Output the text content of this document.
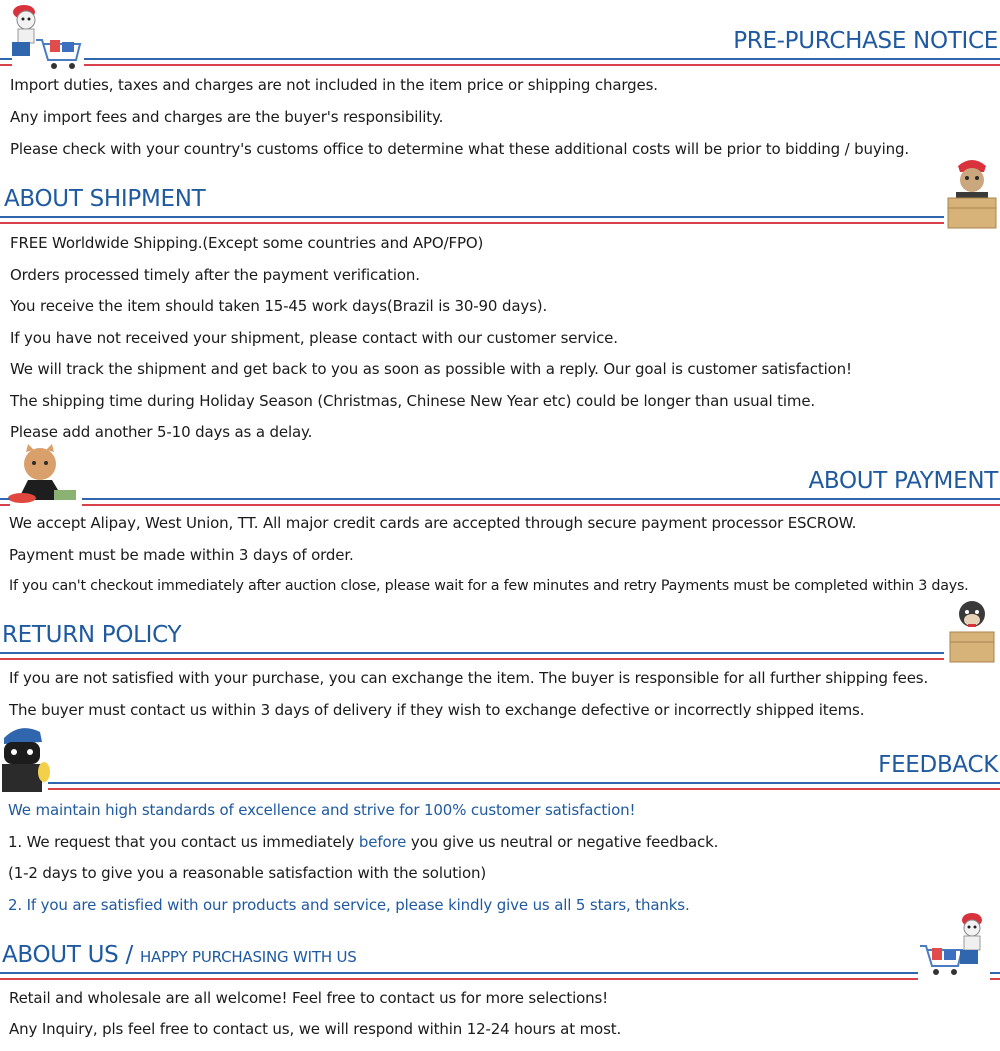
PRE-PURCHASE NOTICE
Import duties, taxes and charges are not included in the item price or shipping charges.
Any import fees and charges are the buyer's responsibility.
Please check with your country's customs office to determine what these additional costs will be prior to bidding / buying.
ABOUT SHIPMENT
FREE Worldwide Shipping.(Except some countries and APO/FPO)
Orders processed timely after the payment verification.
You receive the item should taken 15-45 work days(Brazil is 30-90 days).
If you have not received your shipment, please contact with our customer service.
We will track the shipment and get back to you as soon as possible with a reply. Our goal is customer satisfaction!
The shipping time during Holiday Season (Christmas, Chinese New Year etc) could be longer than usual time.
Please add another 5-10 days as a delay.
ABOUT PAYMENT
We accept Alipay, West Union, TT. All major credit cards are accepted through secure payment processor ESCROW.
Payment must be made within 3 days of order.
If you can't checkout immediately after auction close, please wait for a few minutes and retry Payments must be completed within 3 days.
RETURN POLICY
If you are not satisfied with your purchase, you can exchange the item. The buyer is responsible for all further shipping fees.
The buyer must contact us within 3 days of delivery if they wish to exchange defective or incorrectly shipped items.
FEEDBACK
We maintain high standards of excellence and strive for 100% customer satisfaction!
1. We request that you contact us immediately before you give us neutral or negative feedback.
(1-2 days to give you a reasonable satisfaction with the solution)
2. If you are satisfied with our products and service, please kindly give us all 5 stars, thanks.
ABOUT US / HAPPY PURCHASING WITH US
Retail and wholesale are all welcome! Feel free to contact us for more selections!
Any Inquiry, pls feel free to contact us, we will respond within 12-24 hours at most.
